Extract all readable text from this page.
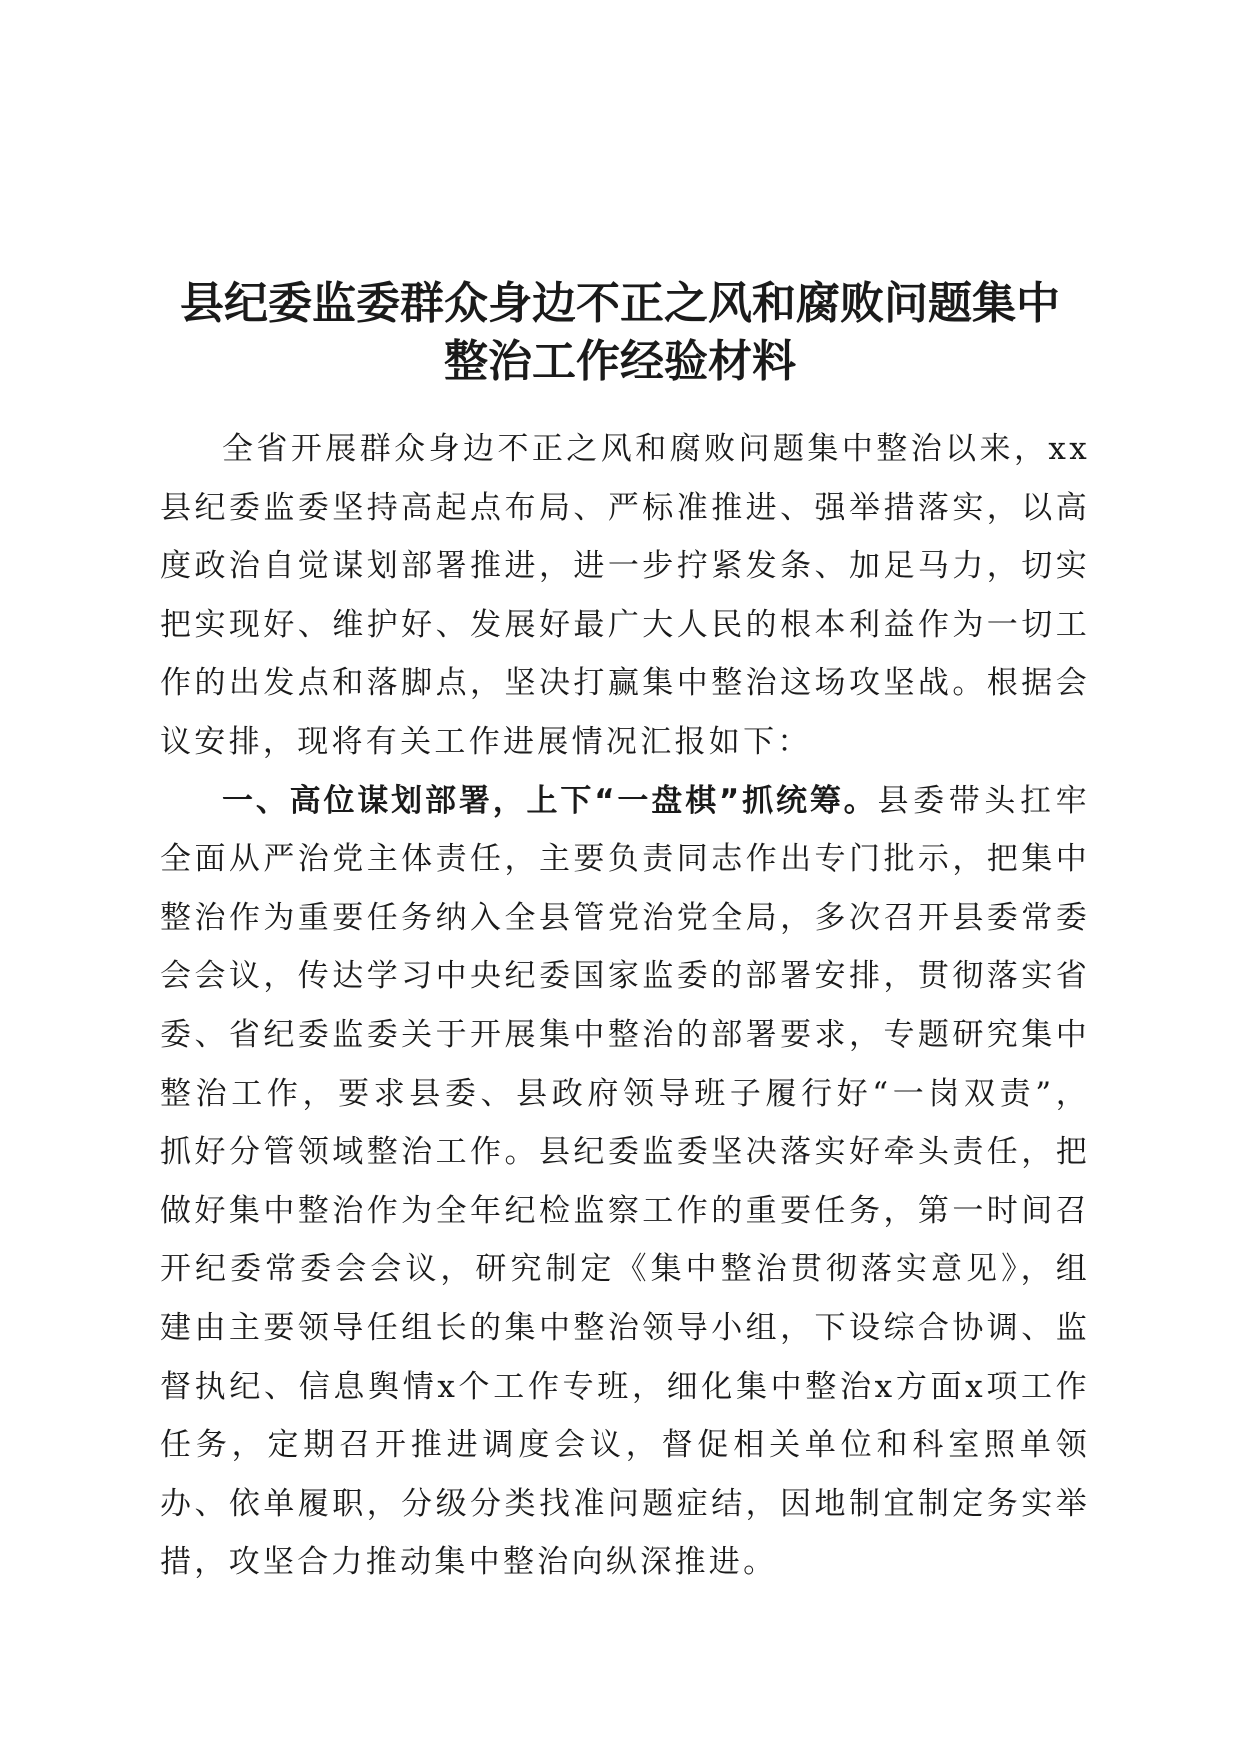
县纪委监委群众身边不正之风和腐败问题集中
整治工作经验材料

全省开展群众身边不正之风和腐败问题集中整治以来，xx县纪委监委坚持高起点布局、严标准推进、强举措落实，以高度政治自觉谋划部署推进，进一步拧紧发条、加足马力，切实把实现好、维护好、发展好最广大人民的根本利益作为一切工作的出发点和落脚点，坚决打赢集中整治这场攻坚战。根据会议安排，现将有关工作进展情况汇报如下：

一、高位谋划部署，上下“一盘棋”抓统筹。县委带头扛牢全面从严治党主体责任，主要负责同志作出专门批示，把集中整治作为重要任务纳入全县管党治党全局，多次召开县委常委会会议，传达学习中央纪委国家监委的部署安排，贯彻落实省委、省纪委监委关于开展集中整治的部署要求，专题研究集中整治工作，要求县委、县政府领导班子履行好“一岗双责”，抓好分管领域整治工作。县纪委监委坚决落实好牵头责任，把做好集中整治作为全年纪检监察工作的重要任务，第一时间召开纪委常委会会议，研究制定《集中整治贯彻落实意见》，组建由主要领导任组长的集中整治领导小组，下设综合协调、监督执纪、信息舆情x个工作专班，细化集中整治x方面x项工作任务，定期召开推进调度会议，督促相关单位和科室照单领办、依单履职，分级分类找准问题症结，因地制宜制定务实举措，攻坚合力推动集中整治向纵深推进。
